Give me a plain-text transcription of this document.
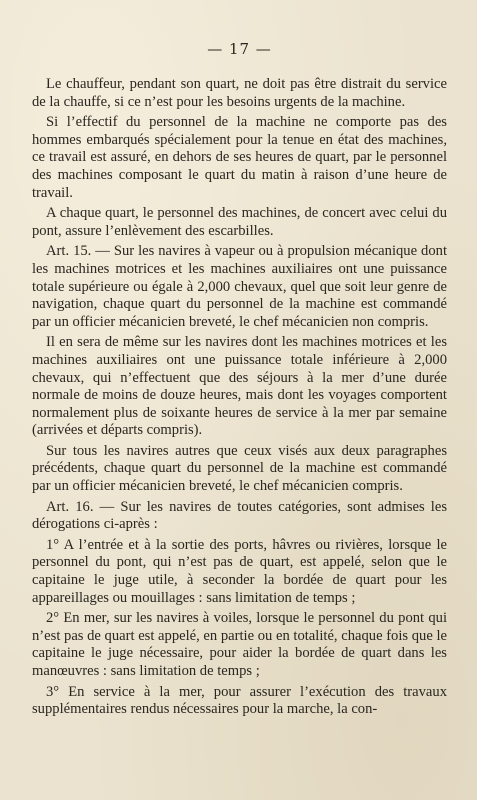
— 17 —

Le chauffeur, pendant son quart, ne doit pas être distrait du service de la chauffe, si ce n’est pour les besoins urgents de la machine.

Si l’effectif du personnel de la machine ne comporte pas des hommes embarqués spécialement pour la tenue en état des machines, ce travail est assuré, en dehors de ses heures de quart, par le personnel des machines composant le quart du matin à raison d’une heure de travail.

A chaque quart, le personnel des machines, de concert avec celui du pont, assure l’enlèvement des escarbilles.

Art. 15. — Sur les navires à vapeur ou à propulsion mécanique dont les machines motrices et les machines auxiliaires ont une puissance totale supérieure ou égale à 2,000 chevaux, quel que soit leur genre de navigation, chaque quart du personnel de la machine est commandé par un officier mécanicien breveté, le chef mécanicien non compris.

Il en sera de même sur les navires dont les machines motrices et les machines auxiliaires ont une puissance totale inférieure à 2,000 chevaux, qui n’effectuent que des séjours à la mer d’une durée normale de moins de douze heures, mais dont les voyages comportent normalement plus de soixante heures de service à la mer par semaine (arrivées et départs compris).

Sur tous les navires autres que ceux visés aux deux paragraphes précédents, chaque quart du personnel de la machine est commandé par un officier mécanicien breveté, le chef mécanicien compris.

Art. 16. — Sur les navires de toutes catégories, sont admises les dérogations ci-après :

1° A l’entrée et à la sortie des ports, hâvres ou rivières, lorsque le personnel du pont, qui n’est pas de quart, est appelé, selon que le capitaine le juge utile, à seconder la bordée de quart pour les appareillages ou mouillages : sans limitation de temps ;

2° En mer, sur les navires à voiles, lorsque le personnel du pont qui n’est pas de quart est appelé, en partie ou en totalité, chaque fois que le capitaine le juge nécessaire, pour aider la bordée de quart dans les manœuvres : sans limitation de temps ;

3° En service à la mer, pour assurer l’exécution des travaux supplémentaires rendus nécessaires pour la marche, la con-
